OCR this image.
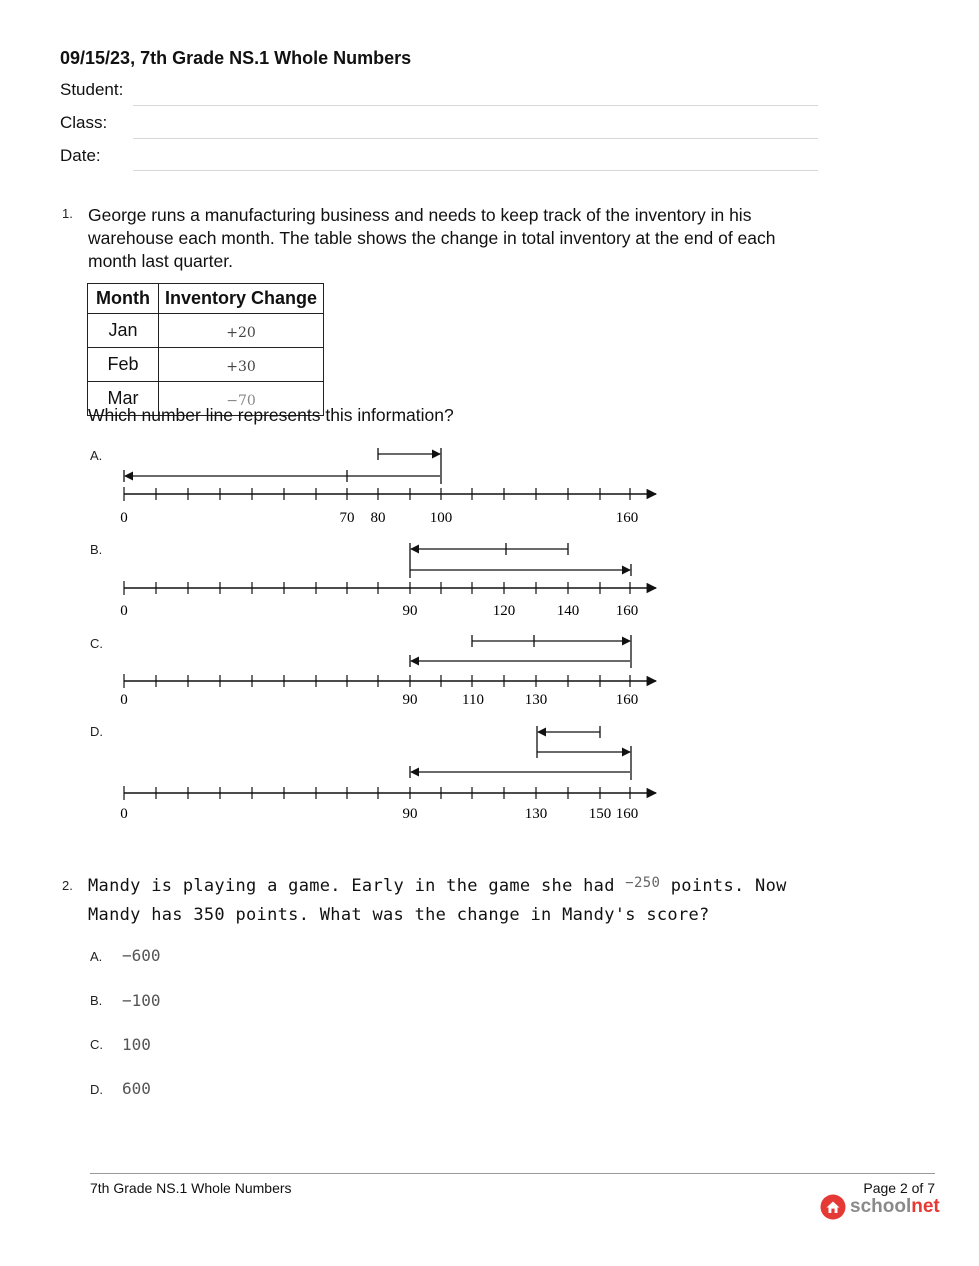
09/15/23, 7th Grade NS.1 Whole Numbers
Student:
Class:
Date:
1. George runs a manufacturing business and needs to keep track of the inventory in his warehouse each month. The table shows the change in total inventory at the end of each month last quarter.
Month	Inventory Change
Jan	+20
Feb	+30
Mar	−70
Which number line represents this information?
A.
B.
C.
D.
0	70 80	100	160
0	90	120	140 160
0	90	110	130	160
0	90	130	150 160
2. Mandy is playing a game. Early in the game she had $^{-250}$ points. Now
Mandy has 350 points. What was the change in Mandy's score?
A. −600
B. −100
C. 100
D. 600
7th Grade NS.1 Whole Numbers	Page 2 of 7
school net
